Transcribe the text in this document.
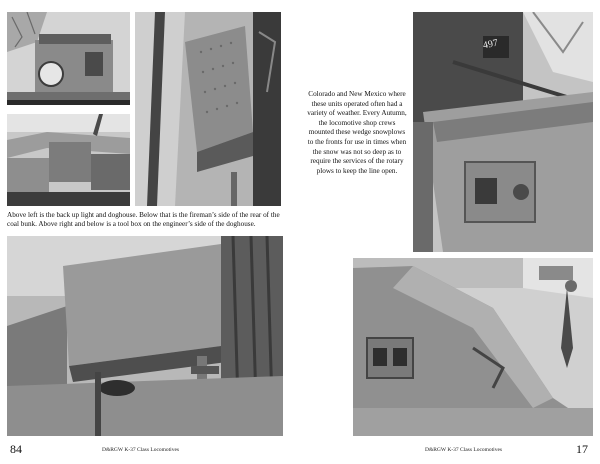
Above left is the back up light and doghouse. Below that is the fireman’s side of the rear of the coal bunk. Above right and below is a tool box on the engineer’s side of the doghouse.

84	D&RGW K-37 Class Locomotives

Colorado and New Mexico where these units operated often had a variety of weather. Every Autumn, the locomotive shop crews mounted these wedge snowplows to the fronts for use in times when the snow was not so deep as to require the services of the rotary plows to keep the line open.

497
D&RGW K-37 Class Locomotives	17
